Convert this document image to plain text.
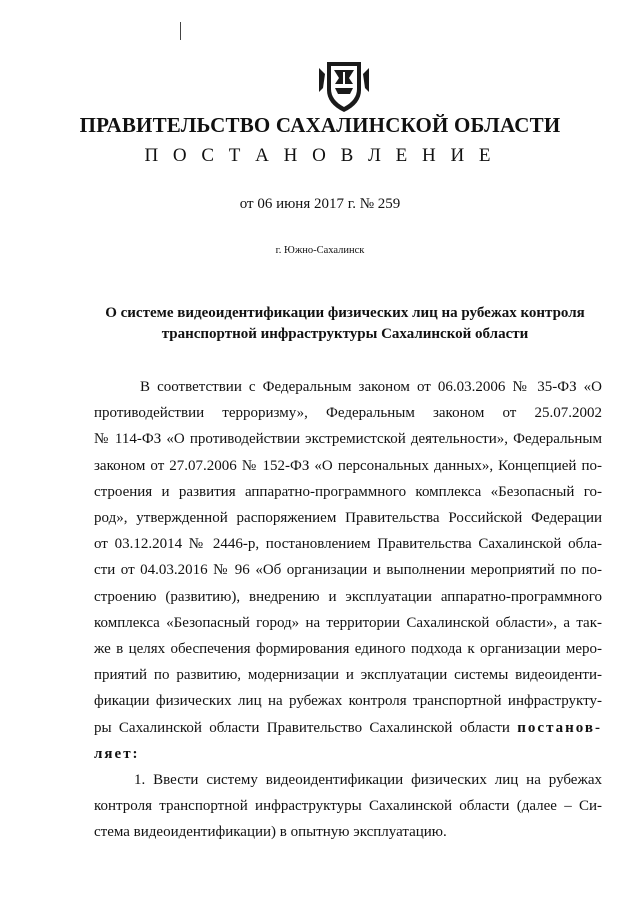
ПРАВИТЕЛЬСТВО САХАЛИНСКОЙ ОБЛАСТИ
П О С Т А Н О В Л Е Н И Е
от 06 июня 2017 г. № 259
г. Южно-Сахалинск
О системе видеоидентификации физических лиц на рубежах контроля
транспортной инфраструктуры Сахалинской области
В соответствии с Федеральным законом от 06.03.2006 № 35-ФЗ «О
противодействии терроризму», Федеральным законом от 25.07.2002
№ 114-ФЗ «О противодействии экстремистской деятельности», Федеральным
законом от 27.07.2006 № 152-ФЗ «О персональных данных», Концепцией по-
строения и развития аппаратно-программного комплекса «Безопасный го-
род», утвержденной распоряжением Правительства Российской Федерации
от 03.12.2014 № 2446-р, постановлением Правительства Сахалинской обла-
сти от 04.03.2016 № 96 «Об организации и выполнении мероприятий по по-
строению (развитию), внедрению и эксплуатации аппаратно-программного
комплекса «Безопасный город» на территории Сахалинской области», а так-
же в целях обеспечения формирования единого подхода к организации меро-
приятий по развитию, модернизации и эксплуатации системы видеоиденти-
фикации физических лиц на рубежах контроля транспортной инфраструкту-
ры Сахалинской области Правительство Сахалинской области постанов-
ляет:
1. Ввести систему видеоидентификации физических лиц на рубежах
контроля транспортной инфраструктуры Сахалинской области (далее – Си-
стема видеоидентификации) в опытную эксплуатацию.
